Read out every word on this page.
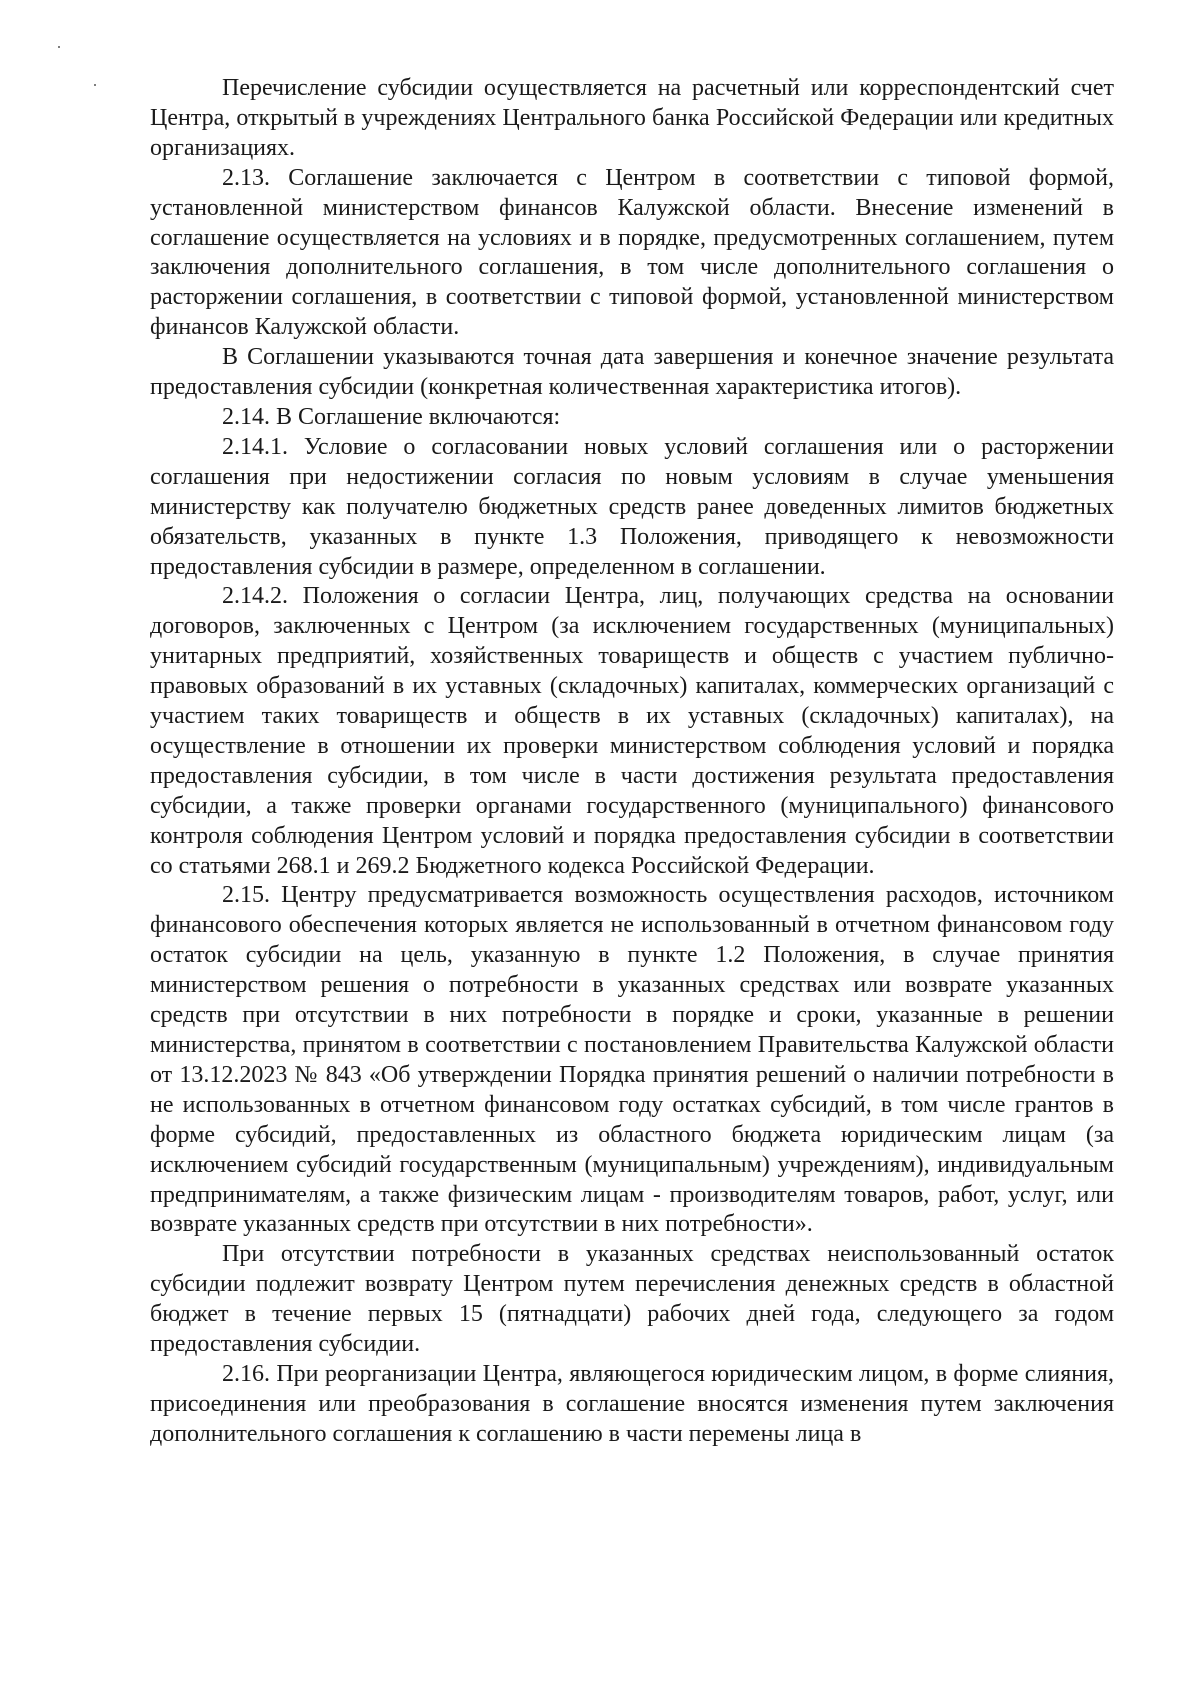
Перечисление субсидии осуществляется на расчетный или корреспондентский счет Центра, открытый в учреждениях Центрального банка Российской Федерации или кредитных организациях.

2.13. Соглашение заключается с Центром в соответствии с типовой формой, установленной министерством финансов Калужской области. Внесение изменений в соглашение осуществляется на условиях и в порядке, предусмотренных соглашением, путем заключения дополнительного соглашения, в том числе дополнительного соглашения о расторжении соглашения, в соответствии с типовой формой, установленной министерством финансов Калужской области.

В Соглашении указываются точная дата завершения и конечное значение результата предоставления субсидии (конкретная количественная характеристика итогов).

2.14. В Соглашение включаются:

2.14.1. Условие о согласовании новых условий соглашения или о расторжении соглашения при недостижении согласия по новым условиям в случае уменьшения министерству как получателю бюджетных средств ранее доведенных лимитов бюджетных обязательств, указанных в пункте 1.3 Положения, приводящего к невозможности предоставления субсидии в размере, определенном в соглашении.

2.14.2. Положения о согласии Центра, лиц, получающих средства на основании договоров, заключенных с Центром (за исключением государственных (муниципальных) унитарных предприятий, хозяйственных товариществ и обществ с участием публично-правовых образований в их уставных (складочных) капиталах, коммерческих организаций с участием таких товариществ и обществ в их уставных (складочных) капиталах), на осуществление в отношении их проверки министерством соблюдения условий и порядка предоставления субсидии, в том числе в части достижения результата предоставления субсидии, а также проверки органами государственного (муниципального) финансового контроля соблюдения Центром условий и порядка предоставления субсидии в соответствии со статьями 268.1 и 269.2 Бюджетного кодекса Российской Федерации.

2.15. Центру предусматривается возможность осуществления расходов, источником финансового обеспечения которых является не использованный в отчетном финансовом году остаток субсидии на цель, указанную в пункте 1.2 Положения, в случае принятия министерством решения о потребности в указанных средствах или возврате указанных средств при отсутствии в них потребности в порядке и сроки, указанные в решении министерства, принятом в соответствии с постановлением Правительства Калужской области от 13.12.2023 № 843 «Об утверждении Порядка принятия решений о наличии потребности в не использованных в отчетном финансовом году остатках субсидий, в том числе грантов в форме субсидий, предоставленных из областного бюджета юридическим лицам (за исключением субсидий государственным (муниципальным) учреждениям), индивидуальным предпринимателям, а также физическим лицам - производителям товаров, работ, услуг, или возврате указанных средств при отсутствии в них потребности».

При отсутствии потребности в указанных средствах неиспользованный остаток субсидии подлежит возврату Центром путем перечисления денежных средств в областной бюджет в течение первых 15 (пятнадцати) рабочих дней года, следующего за годом предоставления субсидии.

2.16. При реорганизации Центра, являющегося юридическим лицом, в форме слияния, присоединения или преобразования в соглашение вносятся изменения путем заключения дополнительного соглашения к соглашению в части перемены лица в
